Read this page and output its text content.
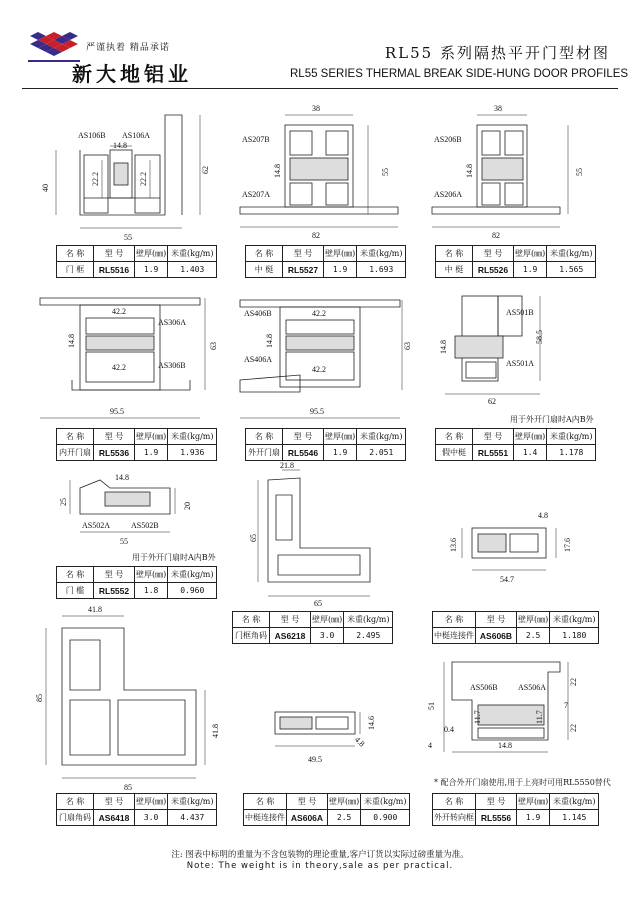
严谨执着 精品承诺
新大地铝业
RL55 系列隔热平开门型材图
RL55 SERIES THERMAL BREAK SIDE-HUNG DOOR PROFILES
AS106B AS106A
14.8
22.2	22.2
40
62
55
AS207B
AS207A
38
14.8	55
82
AS206B
AS206A
38
14.8	55
82
42.2
AS306A
14.8
42.2	AS306B
63
95.5
AS406B	42.2
14.8
AS406A
42.2
63
95.5
AS501B
14.8
58.5
AS501A
62
14.8
25	20
AS502A	AS502B
55
21.8
65
65
4.8
13.6	17.6
54.7
41.8
85
41.8
85
14.6
4.8
49.5
AS506B	AS506A
22
51	7
11.7	11.7
22
0.4
4	14.8
名 称	型 号	壁厚(㎜)	米重(kg/m)
门 框	RL5516	1.9	1.403
名 称	型 号	壁厚(㎜)	米重(kg/m)
中 梃	RL5527	1.9	1.693
名 称	型 号	壁厚(㎜)	米重(kg/m)
中 梃	RL5526	1.9	1.565
名 称	型 号	壁厚(㎜)	米重(kg/m)
内开门扇	RL5536	1.9	1.936
名 称	型 号	壁厚(㎜)	米重(kg/m)
外开门扇	RL5546	1.9	2.051
用于外开门扇时A内B外
名 称	型 号	壁厚(㎜)	米重(kg/m)
假中梃	RL5551	1.4	1.178
用于外开门扇时A内B外
名 称	型 号	壁厚(㎜)	米重(kg/m)
门 槛	RL5552	1.8	0.960
名 称	型 号	壁厚(㎜)	米重(kg/m)
门框角码	AS6218	3.0	2.495
名 称	型 号	壁厚(㎜)	米重(kg/m)
中梃连接件	AS606B	2.5	1.180
* 配合外开门扇使用,用于上亮时可用RL5550替代
名 称	型 号	壁厚(㎜)	米重(kg/m)
门扇角码	AS6418	3.0	4.437
名 称	型 号	壁厚(㎜)	米重(kg/m)
中梃连接件	AS606A	2.5	0.900
名 称	型 号	壁厚(㎜)	米重(kg/m)
外开转向框	RL5556	1.9	1.145
注: 图表中标明的重量为不含包装物的理论重量,客户订货以实际过磅重量为准。
Note: The weight is in theory,sale as per practical.
